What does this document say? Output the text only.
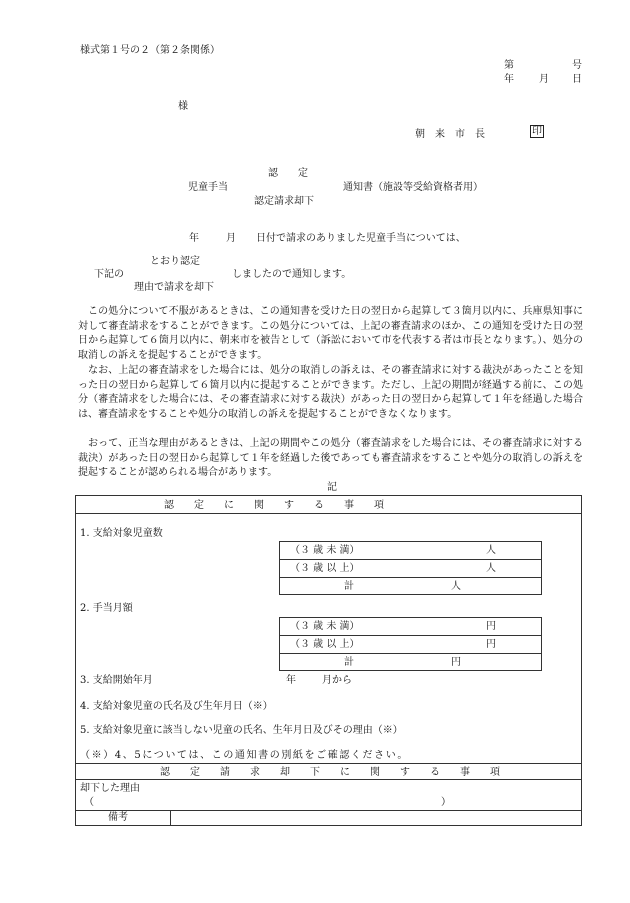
様式第１号の２（第２条関係）
第	号
年	月 日
様
朝　来　市　長	印
認　　定
児童手当	通知書（施設等受給資格者用）
認定請求却下
年	月 日付で請求のありました児童手当については、
とおり認定
下記の	しましたので通知します。
理由で請求を却下
この処分について不服があるときは、この通知書を受けた日の翌日から起算して３箇月以内に、兵庫県知事に対して審査請求をすることができます。この処分については、上記の審査請求のほか、この通知を受けた日の翌日から起算して６箇月以内に、朝来市を被告として（訴訟において市を代表する者は市長となります。）、処分の取消しの訴えを提起することができます。
なお、上記の審査請求をした場合には、処分の取消しの訴えは、その審査請求に対する裁決があったことを知った日の翌日から起算して６箇月以内に提起することができます。ただし、上記の期間が経過する前に、この処分（審査請求をした場合には、その審査請求に対する裁決）があった日の翌日から起算して１年を経過した場合は、審査請求をすることや処分の取消しの訴えを提起することができなくなります。
おって、正当な理由があるときは、上記の期間やこの処分（審査請求をした場合には、その審査請求に対する裁決）があった日の翌日から起算して１年を経過した後であっても審査請求をすることや処分の取消しの訴えを提起することが認められる場合があります。
記
認　　定　　に　　関　　す　　る　　事　　項
1. 支給対象児童数
（３ 歳 未 満）	人
（３ 歳 以 上）	人
計	人
2. 手当月額
（３ 歳 未 満）	円
（３ 歳 以 上）	円
計	円
3. 支給開始年月	年	月から
4. 支給対象児童の氏名及び生年月日（※）
5. 支給対象児童に該当しない児童の氏名、生年月日及びその理由（※）
（※）4、5については、この通知書の別紙をご確認ください。
認　　定　　請　　求　　却　　下　　に　　関　　す　　る　　事　　項
却下した理由
（	）
備考
